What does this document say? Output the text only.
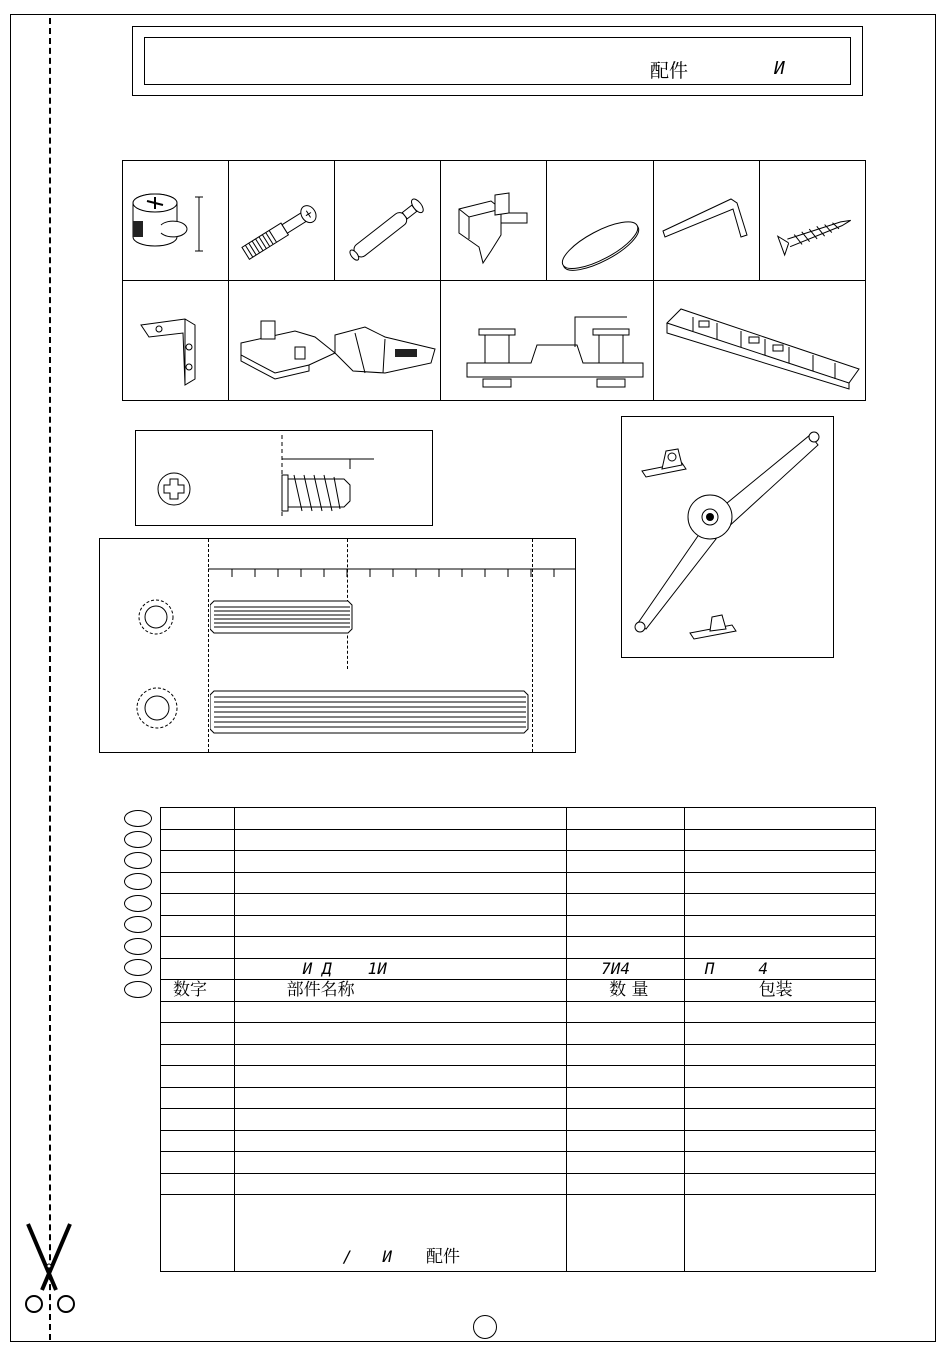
配件	И

	И Д 1И	7И4	П 4
数字	部件名称	数 量	包装

	/ И 配件		
